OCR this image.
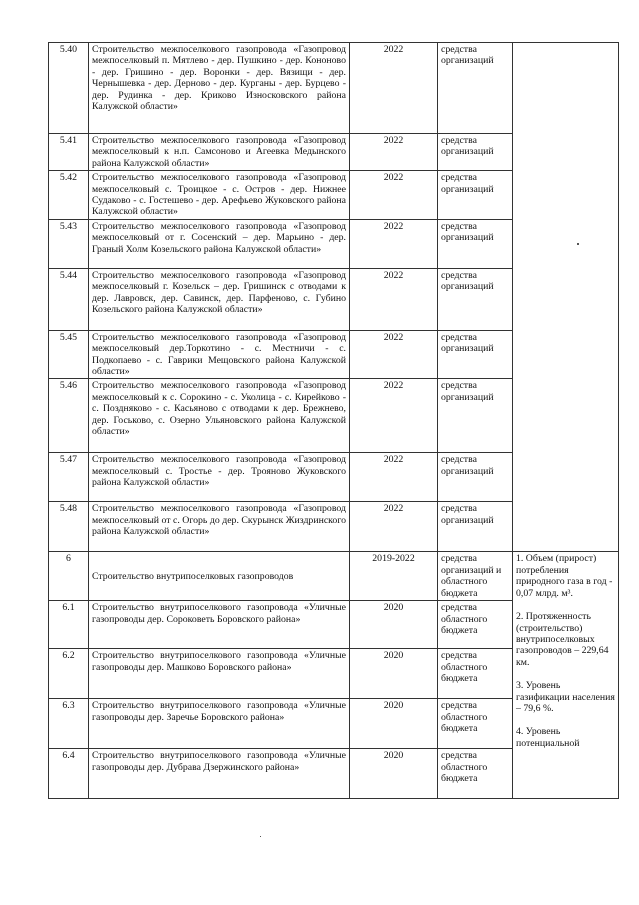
5.40	Строительство межпоселкового газопровода «Газопровод межпоселковый п. Мятлево - дер. Пушкино - дер. Кононово - дер. Гришино - дер. Воронки - дер. Вязищи - дер. Чернышевка - дер. Дерново - дер. Курганы - дер. Бурцево - дер. Рудинка - дер. Криково Износковского района Калужской области»	2022	средства организаций	
5.41	Строительство межпоселкового газопровода «Газопровод межпоселковый к н.п. Самсоново и Агеевка Медынского района Калужской области»	2022	средства организаций	
5.42	Строительство межпоселкового газопровода «Газопровод межпоселковый с. Троицкое - с. Остров - дер. Нижнее Судаково - с. Гостешево - дер. Арефьево Жуковского района Калужской области»	2022	средства организаций	
5.43	Строительство межпоселкового газопровода «Газопровод межпоселковый от г. Сосенский – дер. Марьино - дер. Граный Холм Козельского района Калужской области»	2022	средства организаций	
5.44	Строительство межпоселкового газопровода «Газопровод межпоселковый г. Козельск – дер. Гришинск с отводами к дер. Лавровск, дер. Савинск, дер. Парфеново, с. Губино Козельского района Калужской области»	2022	средства организаций	
5.45	Строительство межпоселкового газопровода «Газопровод межпоселковый дер.Торкотино - с. Местничи - с. Подкопаево - с. Гаврики Мещовского района Калужской области»	2022	средства организаций	
5.46	Строительство межпоселкового газопровода «Газопровод межпоселковый к с. Сорокино - с. Уколица - с. Кирейково - с. Поздняково - с. Касьяново с отводами к дер. Брежнево, дер. Госьково, с. Озерно Ульяновского района Калужской области»	2022	средства организаций	
5.47	Строительство межпоселкового газопровода «Газопровод межпоселковый с. Тростье - дер. Трояново Жуковского района Калужской области»	2022	средства организаций	
5.48	Строительство межпоселкового газопровода «Газопровод межпоселковый от с. Огорь до дер. Скурынск Жиздринского района Калужской области»	2022	средства организаций	
6	Строительство внутрипоселковых газопроводов	2019-2022	средства организаций и областного бюджета	1. Объем (прирост) потребления природного газа в год - 0,07 млрд. м³.
2. Протяженность (строительство) внутрипоселковых газопроводов – 229,64 км.
3. Уровень газификации населения – 79,6 %.
4. Уровень потенциальной

6.1	Строительство внутрипоселкового газопровода «Уличные газопроводы дер. Сороковеть Боровского района»	2020	средства областного бюджета	
6.2	Строительство внутрипоселкового газопровода «Уличные газопроводы дер. Машково Боровского района»	2020	средства областного бюджета	
6.3	Строительство внутрипоселкового газопровода «Уличные газопроводы дер. Заречье Боровского района»	2020	средства областного бюджета	
6.4	Строительство внутрипоселкового газопровода «Уличные газопроводы дер. Дубрава Дзержинского района»	2020	средства областного бюджета	
